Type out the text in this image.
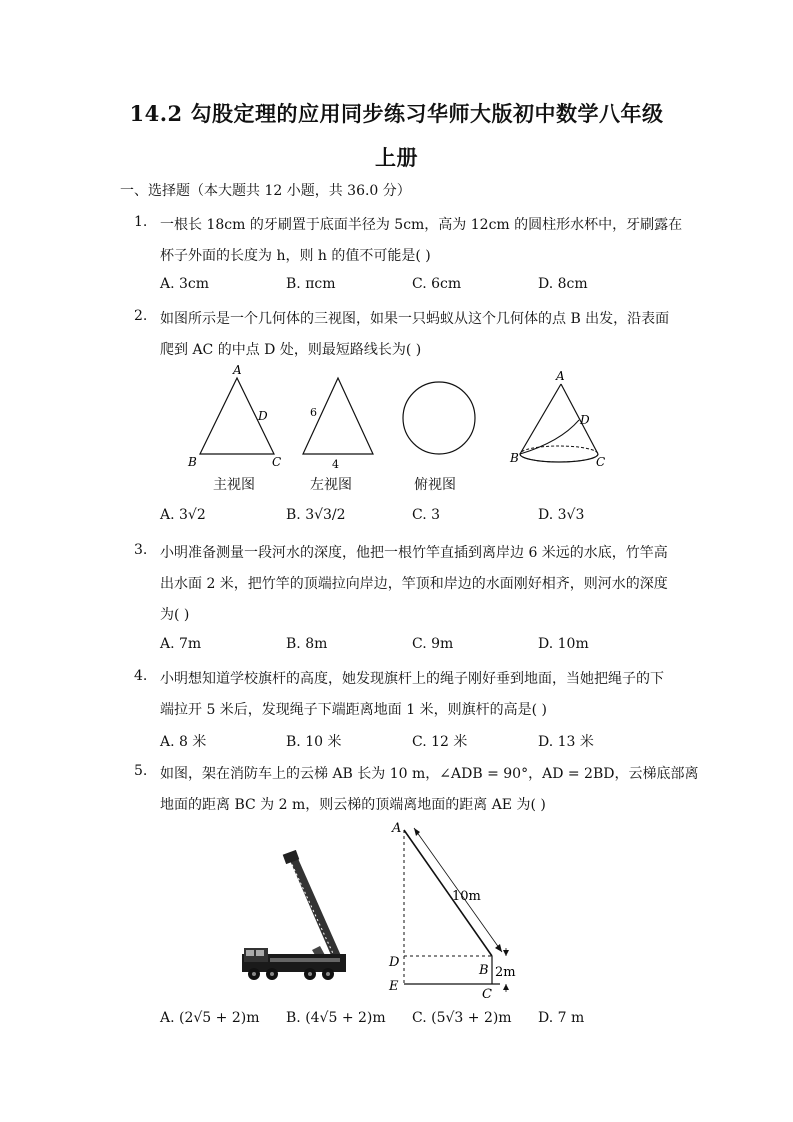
14.2 勾股定理的应用同步练习华师大版初中数学八年级
上册
一、选择题（本大题共 12 小题，共 36.0 分）
1. 一根长 18cm 的牙刷置于底面半径为 5cm，高为 12cm 的圆柱形水杯中，牙刷露在
杯子外面的长度为 h，则 h 的值不可能是( )
A. 3cm	B. πcm	C. 6cm	D. 8cm
2. 如图所示是一个几何体的三视图，如果一只蚂蚁从这个几何体的点 B 出发，沿表面
爬到 AC 的中点 D 处，则最短路线长为( )
A
B	C
D	6
4
A
B	C
D
主视图	左视图	俯视图
A. 3√2	B. 3√3/2	C. 3	D. 3√3
3. 小明准备测量一段河水的深度，他把一根竹竿直插到离岸边 6 米远的水底，竹竿高
出水面 2 米，把竹竿的顶端拉向岸边，竿顶和岸边的水面刚好相齐，则河水的深度
为( )
A. 7m	B. 8m	C. 9m	D. 10m
4. 小明想知道学校旗杆的高度，她发现旗杆上的绳子刚好垂到地面，当她把绳子的下
端拉开 5 米后，发现绳子下端距离地面 1 米，则旗杆的高是( )
A. 8 米	B. 10 米	C. 12 米	D. 13 米
5. 如图，架在消防车上的云梯 AB 长为 10 m，∠ADB = 90°，AD = 2BD，云梯底部离
地面的距离 BC 为 2 m，则云梯的顶端离地面的距离 AE 为( )
A
10m
D
B 2m
E
C
A. (2√5 + 2)m B. (4√5 + 2)m C. (5√3 + 2)m D. 7 m
